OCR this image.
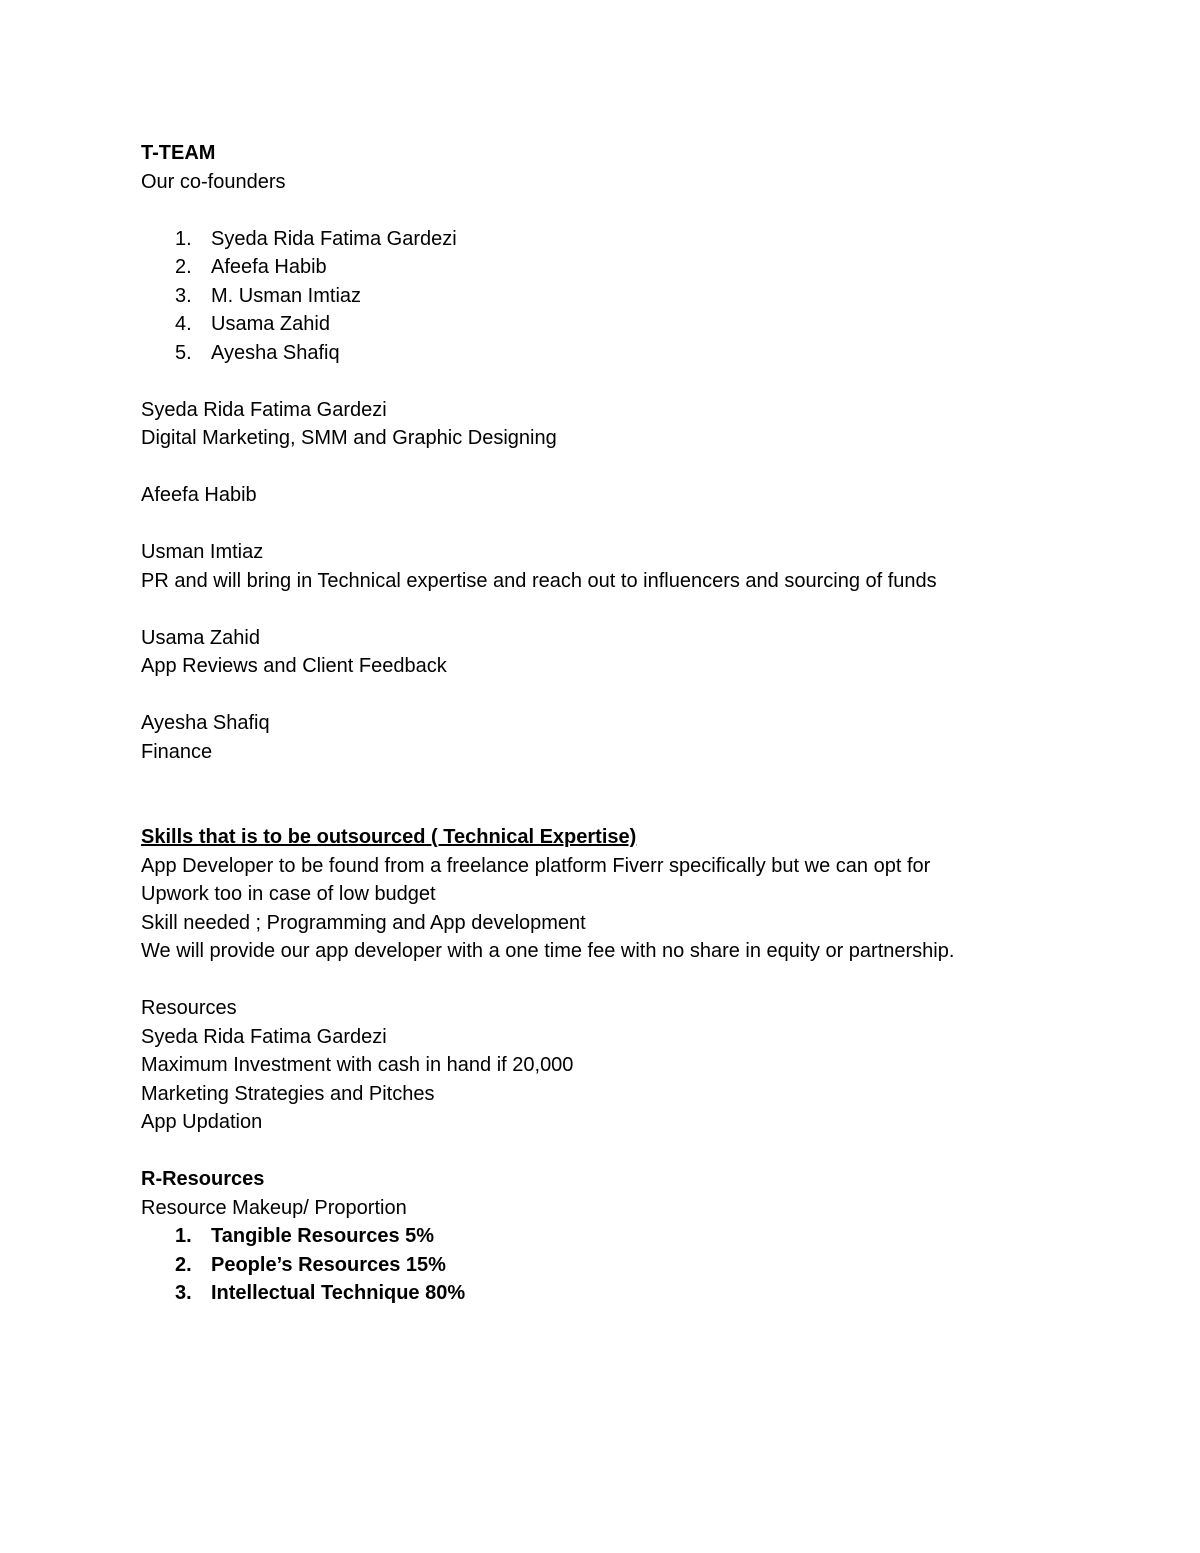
T-TEAM
Our co-founders
1. Syeda Rida Fatima Gardezi
2. Afeefa Habib
3. M. Usman Imtiaz
4. Usama Zahid
5. Ayesha Shafiq
Syeda Rida Fatima Gardezi
Digital Marketing, SMM and Graphic Designing
Afeefa Habib
Usman Imtiaz
PR and will bring in Technical expertise and reach out to influencers and sourcing of funds
Usama Zahid
App Reviews and Client Feedback
Ayesha Shafiq
Finance
Skills that is to be outsourced ( Technical Expertise)
App Developer to be found from a freelance platform Fiverr specifically but we can opt for
Upwork too in case of low budget
Skill needed ; Programming and App development
We will provide our app developer with a one time fee with no share in equity or partnership.
Resources
Syeda Rida Fatima Gardezi
Maximum Investment with cash in hand if 20,000
Marketing Strategies and Pitches
App Updation
R-Resources
Resource Makeup/ Proportion
1. Tangible Resources 5%
2. People’s Resources 15%
3. Intellectual Technique 80%
